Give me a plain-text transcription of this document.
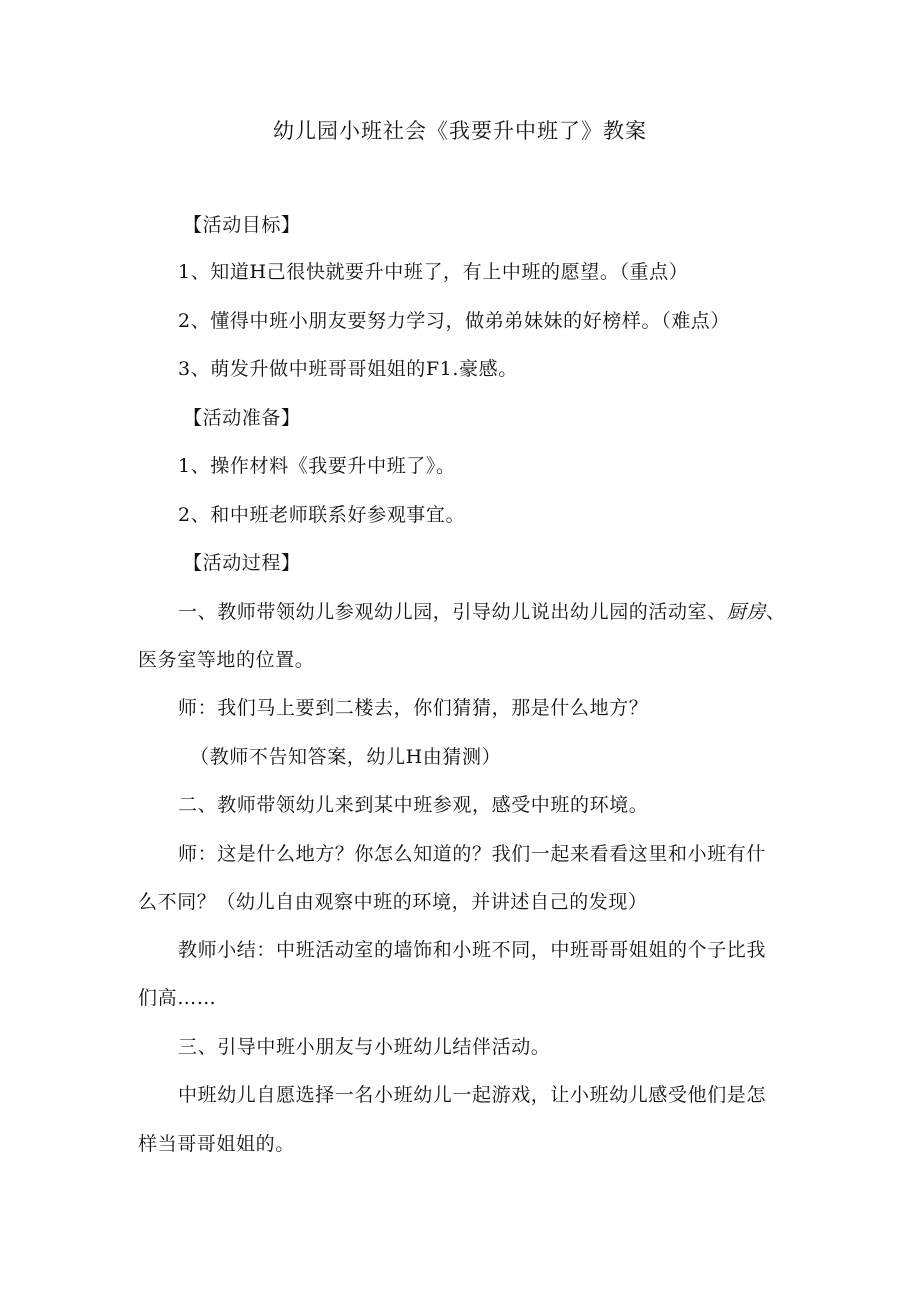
幼儿园小班社会《我要升中班了》教案
【活动目标】
1、知道H己很快就要升中班了，有上中班的愿望。（重点）
2、懂得中班小朋友要努力学习，做弟弟妹妹的好榜样。（难点）
3、萌发升做中班哥哥姐姐的F1.豪感。
【活动准备】
1、操作材料《我要升中班了》。
2、和中班老师联系好参观事宜。
【活动过程】
一、教师带领幼儿参观幼儿园，引导幼儿说出幼儿园的活动室、厨房、
医务室等地的位置。
师：我们马上要到二楼去，你们猜猜，那是什么地方？
（教师不告知答案，幼儿H由猜测）
二、教师带领幼儿来到某中班参观，感受中班的环境。
师：这是什么地方？你怎么知道的？我们一起来看看这里和小班有什
么不同？（幼儿自由观察中班的环境，并讲述自己的发现）
教师小结：中班活动室的墙饰和小班不同，中班哥哥姐姐的个子比我
们高……
三、引导中班小朋友与小班幼儿结伴活动。
中班幼儿自愿选择一名小班幼儿一起游戏，让小班幼儿感受他们是怎
样当哥哥姐姐的。
